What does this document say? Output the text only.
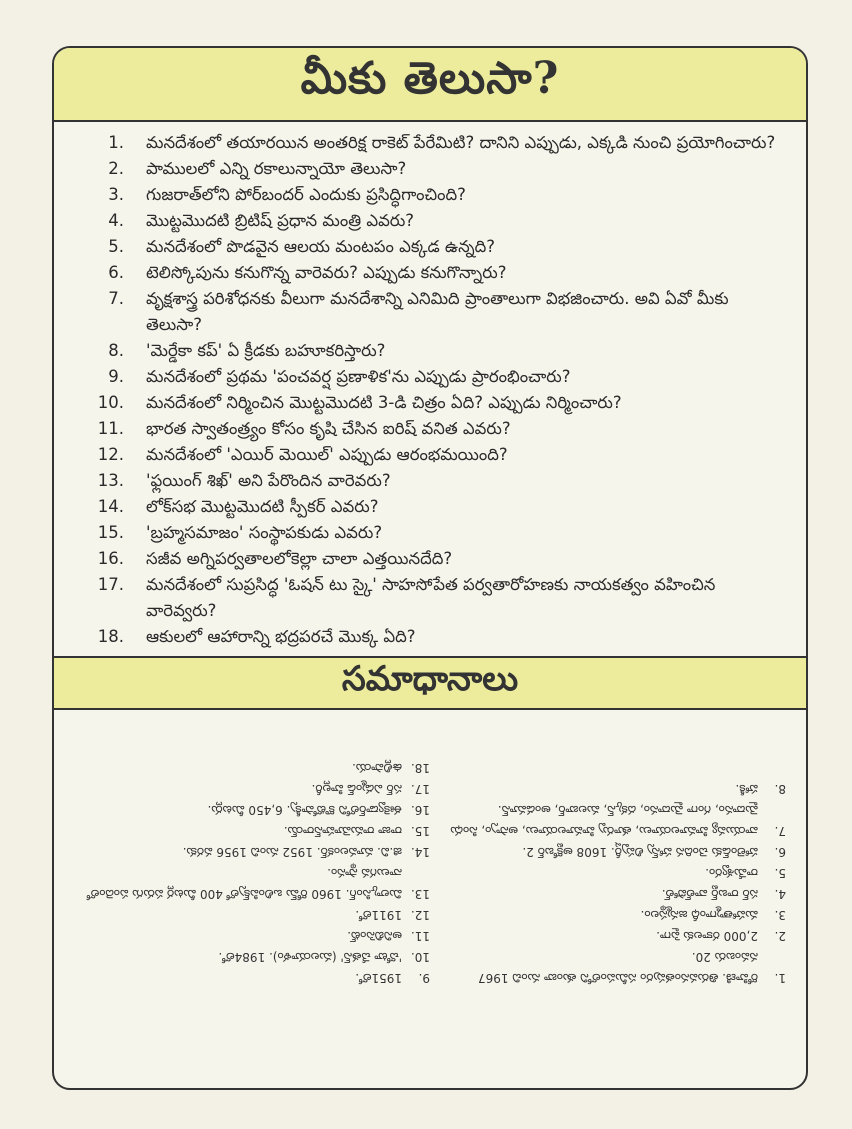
మీకు తెలుసా?
1.	మనదేశంలో తయారయిన అంతరిక్ష రాకెట్ పేరేమిటి? దానిని ఎప్పుడు, ఎక్కడి నుంచి ప్రయోగించారు?
2.	పాములలో ఎన్ని రకాలున్నాయో తెలుసా?
3.	గుజరాత్‌లోని పోర్‌బందర్ ఎందుకు ప్రసిద్ధిగాంచింది?
4.	మొట్టమొదటి బ్రిటిష్ ప్రధాన మంత్రి ఎవరు?
5.	మనదేశంలో పొడవైన ఆలయ మంటపం ఎక్కడ ఉన్నది?
6.	టెలిస్కోపును కనుగొన్న వారెవరు? ఎప్పుడు కనుగొన్నారు?
7.	వృక్షశాస్త్ర పరిశోధనకు వీలుగా మనదేశాన్ని ఎనిమిది ప్రాంతాలుగా విభజించారు. అవి ఏవో మీకు తెలుసా?
8.	'మెర్డేకా కప్' ఏ క్రీడకు బహూకరిస్తారు?
9.	మనదేశంలో ప్రథమ 'పంచవర్ష ప్రణాళిక'ను ఎప్పుడు ప్రారంభించారు?
10.	మనదేశంలో నిర్మించిన మొట్టమొదటి 3-డి చిత్రం ఏది? ఎప్పుడు నిర్మించారు?
11.	భారత స్వాతంత్ర్యం కోసం కృషి చేసిన ఐరిష్ వనిత ఎవరు?
12.	మనదేశంలో 'ఎయిర్ మెయిల్' ఎప్పుడు ఆరంభమయింది?
13.	'ఫ్లయింగ్ శిఖ్' అని పేరొందిన వారెవరు?
14.	లోక్‌సభ మొట్టమొదటి స్పీకర్ ఎవరు?
15.	'బ్రహ్మసమాజం' సంస్థాపకుడు ఎవరు?
16.	సజీవ అగ్నిపర్వతాలలోకెల్లా చాలా ఎత్తయినదేది?
17.	మనదేశంలో సుప్రసిద్ధ 'ఓషన్ టు స్కై' సాహసోపేత పర్వతారోహణకు నాయకత్వం వహించిన వారెవ్వరు?
18.	ఆకులలో ఆహారాన్ని భద్రపరచే మొక్క ఏది?
సమాధానాలు
1.
రోహిణి. తిరువనంతపురం సమీపంలోని తుంబా నుంచి 1967 నవంబరు 20.
2.
2,000 రకాలకు పైగా.
3.
మహాత్మాగాంధీ జన్మస్థలం.
4.
సర్ రాబర్ట్ వాల్‌పోల్.
5.
రామేశ్వరం.
6.
హాలెండ్‌కు చెందిన హాన్స్ లిప్పర్షీ. 1608 అక్టోబర్ 2.
7.
వాయువ్య హిమాలయాలు, తూర్పు హిమాలయాలు, అస్సాం, సింధు మైదానం, గంగా మైదానం, దక్కన్, మలబార్, అండమాన్.
8.
హాకీ.
9.
1951లో.
10.
'చోటా చేతన్' (మలయాళం). 1984లో.
11.
అనిబిసెంట్.
12.
1911లో.
13.
మిల్కాసింగ్. 1960 రోమ్ ఒలింపిక్స్‌లో 400 మీటర్ల పరుగు పందెంలో నాలుగవ స్థానం.
14.
జి.వి. మావలంకర్. 1952 నుంచి 1956 వరకు.
15.
రాజా రామమోహన్‌రాయ్.
16.
ఈక్వెడార్‌లోని కొటోపాక్సీ. 6,450 మీటర్లు.
17.
సర్ ఎడ్మండ్ హిల్లరీ.
18.
ఉల్లిపాయ.
